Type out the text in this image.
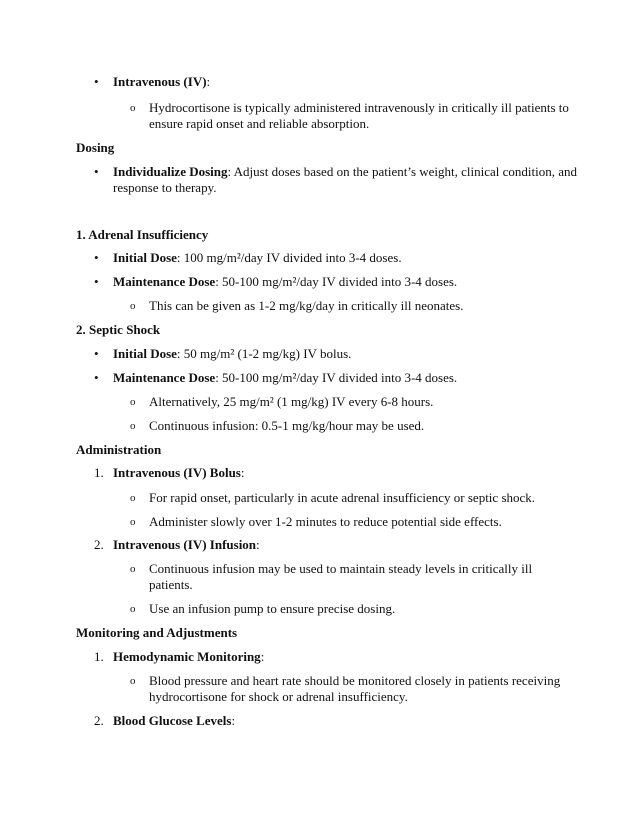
• Intravenous (IV):
o Hydrocortisone is typically administered intravenously in critically ill patients to
ensure rapid onset and reliable absorption.
Dosing
• Individualize Dosing: Adjust doses based on the patient’s weight, clinical condition, and
response to therapy.
1. Adrenal Insufficiency
• Initial Dose: 100 mg/m²/day IV divided into 3-4 doses.
• Maintenance Dose: 50-100 mg/m²/day IV divided into 3-4 doses.
o This can be given as 1-2 mg/kg/day in critically ill neonates.
2. Septic Shock
• Initial Dose: 50 mg/m² (1-2 mg/kg) IV bolus.
• Maintenance Dose: 50-100 mg/m²/day IV divided into 3-4 doses.
o Alternatively, 25 mg/m² (1 mg/kg) IV every 6-8 hours.
o Continuous infusion: 0.5-1 mg/kg/hour may be used.
Administration
1. Intravenous (IV) Bolus:
o For rapid onset, particularly in acute adrenal insufficiency or septic shock.
o Administer slowly over 1-2 minutes to reduce potential side effects.
2. Intravenous (IV) Infusion:
o Continuous infusion may be used to maintain steady levels in critically ill
patients.
o Use an infusion pump to ensure precise dosing.
Monitoring and Adjustments
1. Hemodynamic Monitoring:
o Blood pressure and heart rate should be monitored closely in patients receiving
hydrocortisone for shock or adrenal insufficiency.
2. Blood Glucose Levels:
